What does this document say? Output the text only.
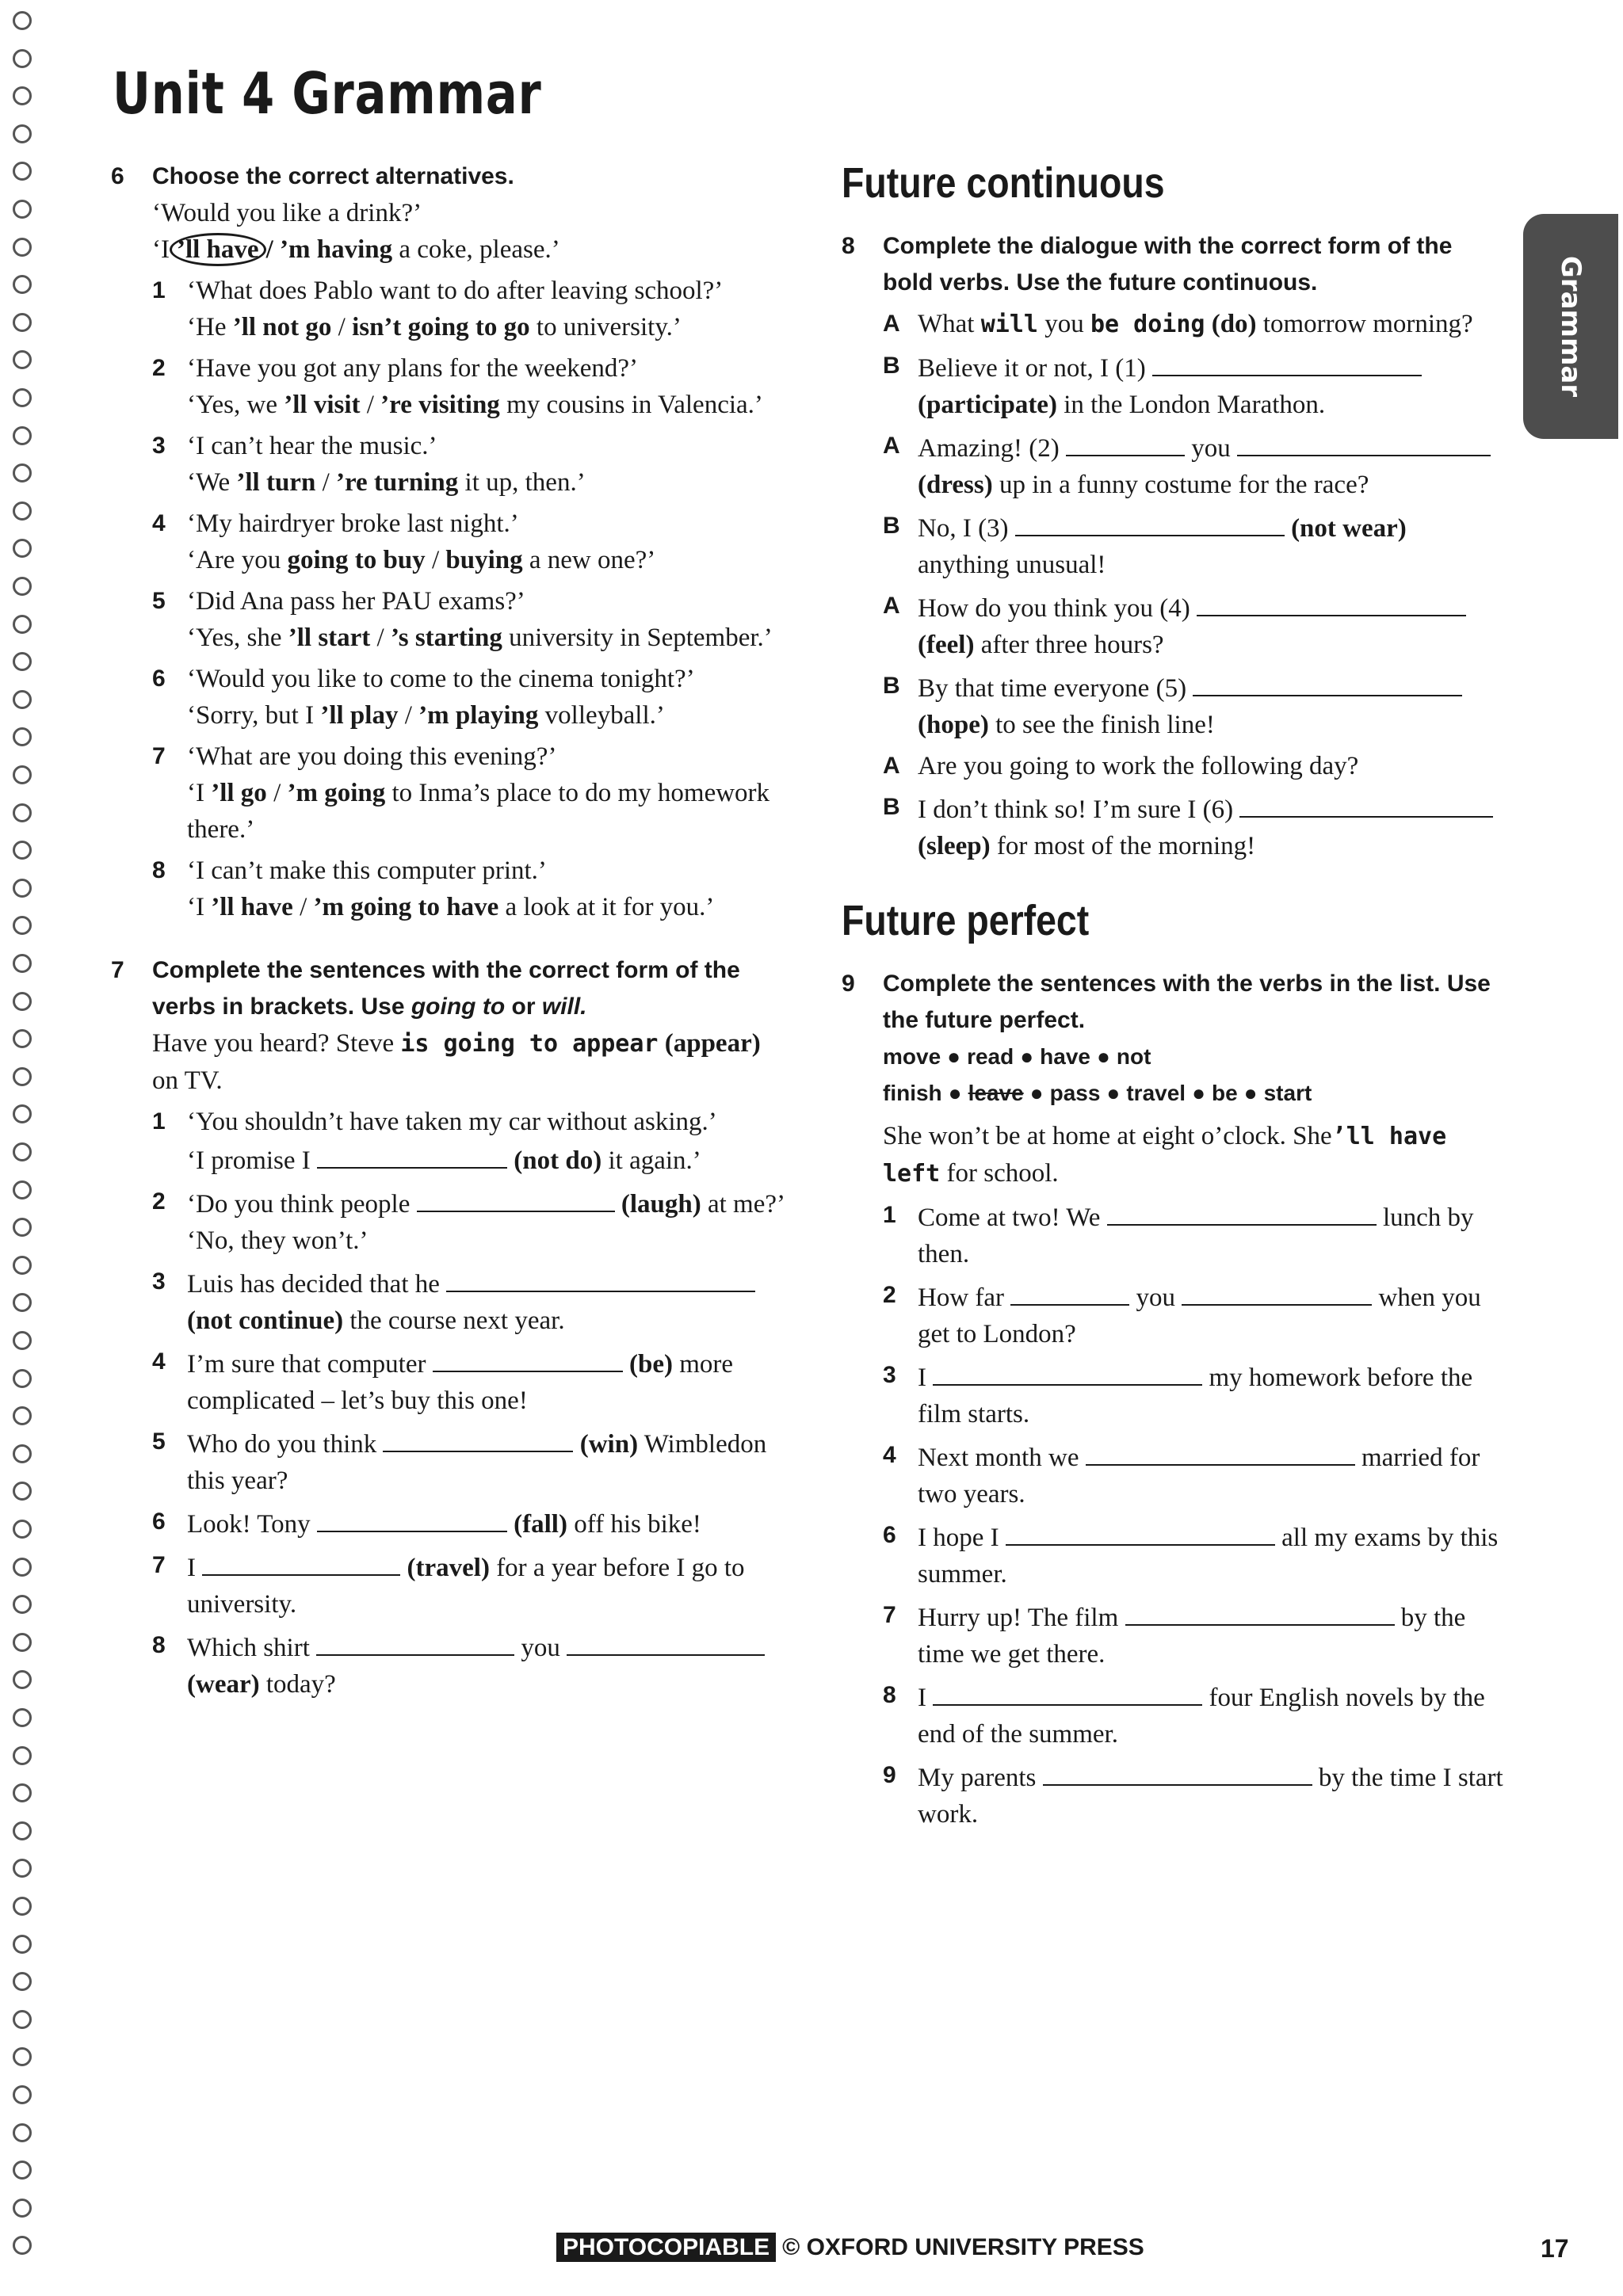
Unit 4 Grammar
Grammar
6	Choose the correct alternatives.
‘Would you like a drink?’
‘I ’ll have / ’m having a coke, please.’
1 ‘What does Pablo want to do after leaving school?’
‘He ’ll not go / isn’t going to go to university.’
2 ‘Have you got any plans for the weekend?’
‘Yes, we ’ll visit / ’re visiting my cousins in Valencia.’
3 ‘I can’t hear the music.’
‘We ’ll turn / ’re turning it up, then.’
4 ‘My hairdryer broke last night.’
‘Are you going to buy / buying a new one?’
5 ‘Did Ana pass her PAU exams?’
‘Yes, she ’ll start / ’s starting university in September.’
6 ‘Would you like to come to the cinema tonight?’
‘Sorry, but I ’ll play / ’m playing volleyball.’
7 ‘What are you doing this evening?’
‘I ’ll go / ’m going to Inma’s place to do my homework there.’
8 ‘I can’t make this computer print.’
‘I ’ll have / ’m going to have a look at it for you.’
7	Complete the sentences with the correct form of the verbs in brackets. Use going to or will.
Have you heard? Steve is going to appear (appear) on TV.
1 ‘You shouldn’t have taken my car without asking.’
‘I promise I	(not do) it again.’
2 ‘Do you think people	(laugh) at me?’ ‘No, they won’t.’
3 Luis has decided that he  (not continue) the course next year.
4 I’m sure that computer	(be) more complicated – let’s buy this one!
5 Who do you think	(win) Wimbledon this year?
6 Look! Tony	(fall) off his bike!
7 I	(travel) for a year before I go to university.
8 Which shirt	you
(wear) today?
Future continuous
8	Complete the dialogue with the correct form of the bold verbs. Use the future continuous.
A What will you be doing (do) tomorrow morning?
B Believe it or not, I (1)
(participate) in the London Marathon.
A Amazing! (2)	you
(dress) up in a funny costume for the race?
B No, I (3)	(not wear)
anything unusual!
A How do you think you (4)
(feel) after three hours?
B By that time everyone (5)
(hope) to see the finish line!
A Are you going to work the following day?
B I don’t think so! I’m sure I (6)
(sleep) for most of the morning!
Future perfect
9	Complete the sentences with the verbs in the list. Use the future perfect.
move ● read ● have ● not finish ● leave ● pass ● travel ● be ● start
She won’t be at home at eight o’clock. She’ll have left for school.
1 Come at two! We	lunch by then.
2 How far	you	when you get to London?
3 I	my homework before the film starts.
4 Next month we	married for two years.
6 I hope I	all my exams by this summer.
7 Hurry up! The film	by the time we get there.
8 I	four English novels by the end of the summer.
9 My parents	by the time I start work.
PHOTOCOPIABLE © OXFORD UNIVERSITY PRESS	17
